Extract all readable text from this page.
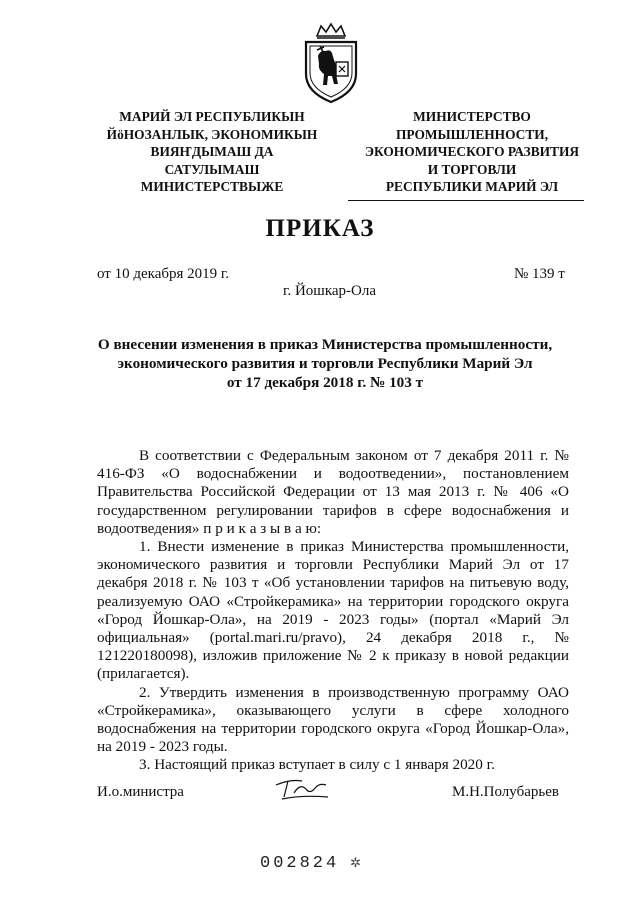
МАРИЙ ЭЛ РЕСПУБЛИКЫН
ЙӧНОЗАНЛЫК, ЭКОНОМИКЫН
ВИЯҤДЫМАШ ДА
САТУЛЫМАШ
МИНИСТЕРСТВЫЖЕ
МИНИСТЕРСТВО
ПРОМЫШЛЕННОСТИ,
ЭКОНОМИЧЕСКОГО РАЗВИТИЯ
И ТОРГОВЛИ
РЕСПУБЛИКИ МАРИЙ ЭЛ
ПРИКАЗ
от 10 декабря 2019 г.	№ 139 т
г. Йошкар-Ола
О внесении изменения в приказ Министерства промышленности,
экономического развития и торговли Республики Марий Эл
от 17 декабря 2018 г. № 103 т

В соответствии с Федеральным законом от 7 декабря 2011 г. № 416-ФЗ «О водоснабжении и водоотведении», постановлением Правительства Российской Федерации от 13 мая 2013 г. № 406 «О государственном регулировании тарифов в сфере водоснабжения и водоотведения» п р и к а з ы в а ю:

1. Внести изменение в приказ Министерства промышленности, экономического развития и торговли Республики Марий Эл от 17 декабря 2018 г. № 103 т «Об установлении тарифов на питьевую воду, реализуемую ОАО «Стройкерамика» на территории городского округа «Город Йошкар-Ола», на 2019 - 2023 годы» (портал «Марий Эл официальная» (portal.mari.ru/pravo), 24 декабря 2018 г., № 121220180098), изложив приложение № 2 к приказу в новой редакции (прилагается).

2. Утвердить изменения в производственную программу ОАО «Стройкерамика», оказывающего услуги в сфере холодного водоснабжения на территории городского округа «Город Йошкар-Ола», на 2019 - 2023 годы.

3. Настоящий приказ вступает в силу с 1 января 2020 г.

И.о.министра	М.Н.Полубарьев
002824 ✲
